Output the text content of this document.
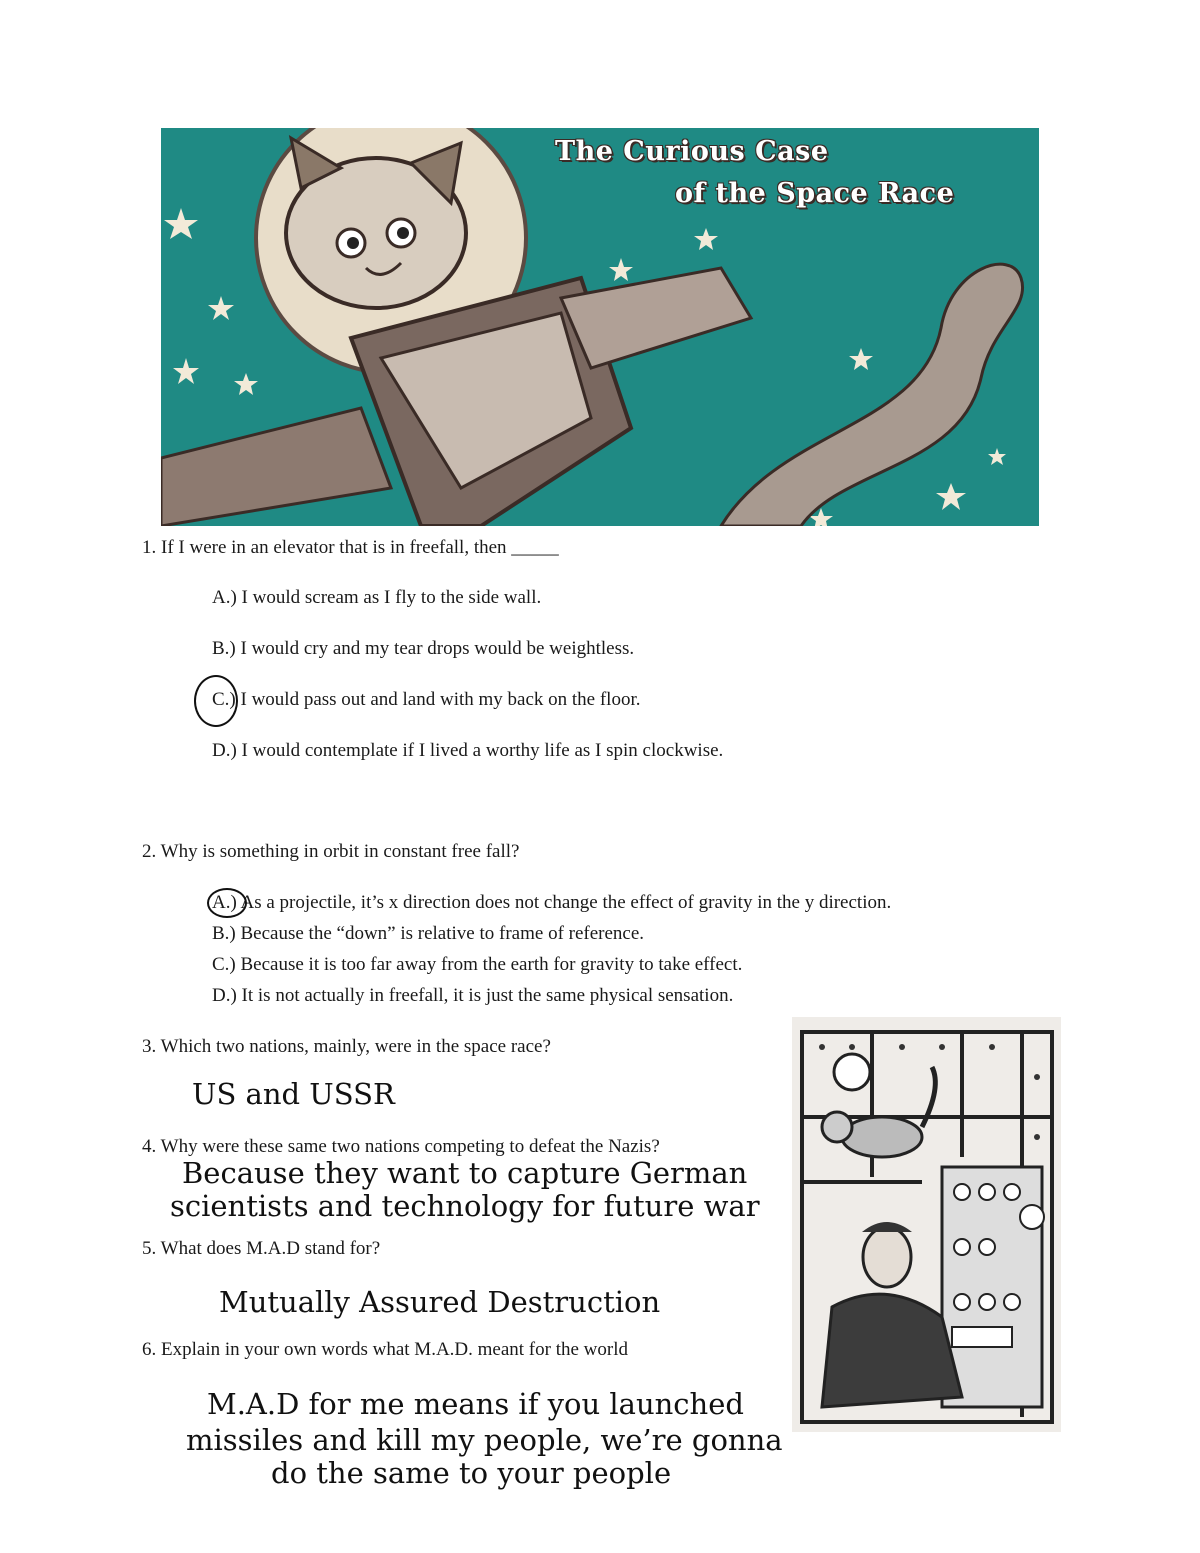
The Curious Case
of the Space Race
1. If I were in an elevator that is in freefall, then _____
A.) I would scream as I fly to the side wall.
B.) I would cry and my tear drops would be weightless.
C.) I would pass out and land with my back on the floor.
D.) I would contemplate if I lived a worthy life as I spin clockwise.
2. Why is something in orbit in constant free fall?
A.) As a projectile, it’s x direction does not change the effect of gravity in the y direction.
B.) Because the “down” is relative to frame of reference.
C.) Because it is too far away from the earth for gravity to take effect.
D.) It is not actually in freefall, it is just the same physical sensation.
3. Which two nations, mainly, were in the space race?
US and USSR
4. Why were these same two nations competing to defeat the Nazis?
Because they want to capture German
scientists and technology for future war
5. What does M.A.D stand for?
Mutually Assured Destruction
6. Explain in your own words what M.A.D. meant for the world
M.A.D for me means if you launched
missiles and kill my people, we’re gonna
do the same to your people
